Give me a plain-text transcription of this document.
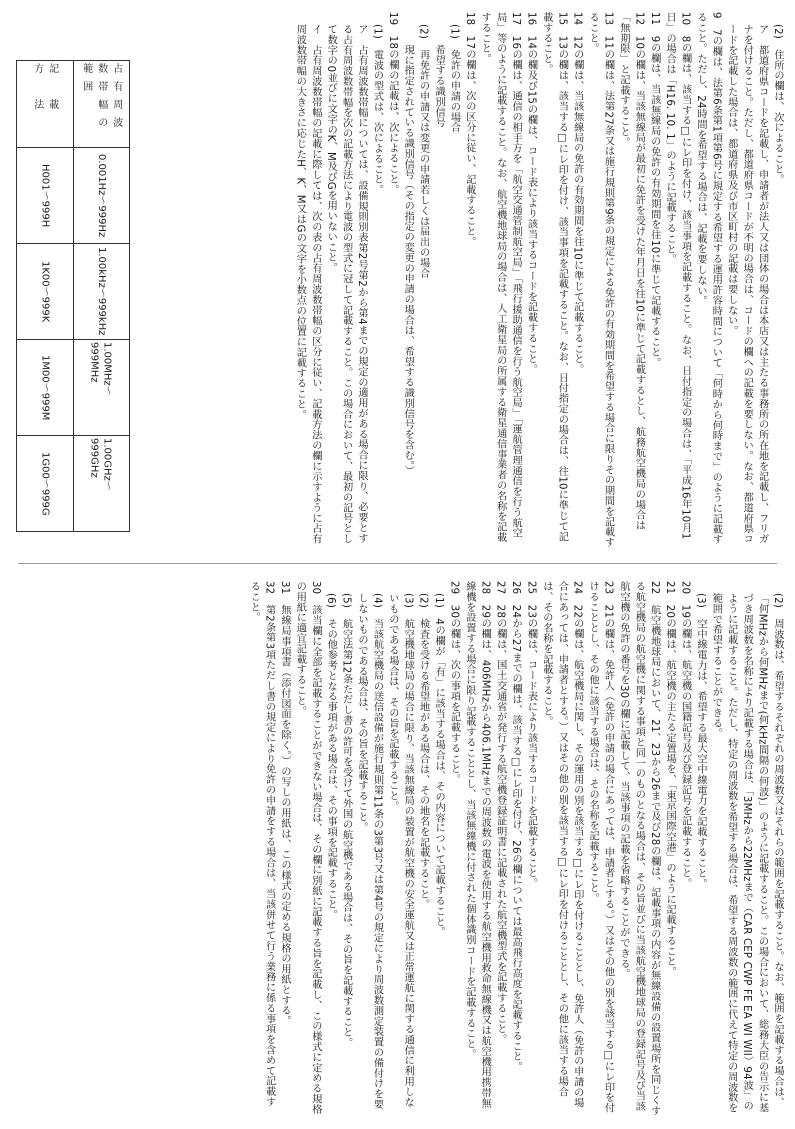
(2)　住所の欄は、次によること。

ア　都道府県コードを記載し、申請者が法人又は団体の場合は本店又は主たる事務所の所在地を記載し、フリガナを付けること。ただし、都道府県コードが不明の場合は、コードの欄への記載を要しない。なお、都道府県コードを記載した場合は、都道府県及び市区町村の記載は要しない。

9　7の欄は、法第6条第1項第6号に規定する希望する運用許容時間について「何時から何時まで」のように記載すること。ただし、24時間を希望する場合は、記載を要しない。

10　8の欄は、該当する□にレ印を付け、該当事項を記載すること。なお、日付指定の場合は、「平成16年10月1日」の場合は「H16. 10. 1」のように記載すること。

11　9の欄は、当該無線局の免許の有効期間を往10に準じて記載すること。

12　10の欄は、当該無線局が最初に免許を受けた年月日を往10に準じて記載するとし、航務航空機局の場合は「無期限」と記載すること。

13　11の欄は、法第27条又は施行規則第9条の規定による免許の有効期間を希望する場合に限りその期間を記載すること。

14　12の欄は、当該無線局の免許の有効期間を往10に準じて記載すること。

15　13の欄は、該当する□にレ印を付け、該当事項を記載すること。なお、日付指定の場合は、往10に準じて記載すること。

16　14の欄及び15の欄は、コード表により該当するコードを記載すること。

17　16の欄は、通信の相手方を「航空交通管制航空局」「飛行援助通信を行う航空局」「運航管理通信を行う航空局」等のように記載すること。なお、航空機地球局の場合は、人工衛星局の所属する衛星通信事業者の名称を記載すること。

18　17の欄は、次の区分に従い、記載すること。

(1)　免許の申請の場合

　希望する識別信号

(2)　再免許の申請又は変更の申請若しくは届出の場合

　現に指定されている識別信号（その指定の変更の申請の場合は、希望する識別信号を含む。）

19　18の欄の記載は、次によること。

(1)　電波の型式は、次によること。

ア　占有周波数帯幅については、設備規則別表第2号第2から第4までの規定の適用がある場合に限り、必要とする占有周波数帯幅を次の記載方法により電波の型式に冠して記載すること。この場合において、最初の記号として数字の0並びに文字のK、M及びGを用いないこと。

イ　占有周波数帯幅の記載に際しては、次の表の占有周波数帯幅の区分に従い、記載方法の欄に示すように占有周波数帯幅の大きさに応じたH、K、M又はGの文字を小数点の位置に記載すること。

占有周波数帯幅の範囲
0.001Hz～999Hz
1.00kHz～999kHz
1.00MHz～999MHz
1.00GHz～999GHz
記　載　方　法
H001～999H
1K00～999K
1M00～999M
1G00～999G

(2)　周波数は、希望するそれぞれの周波数又はそれらの範囲を記載すること。なお、範囲を記載する場合は、「何MHzから何MHzまで(何kHz間隔の何波)」のように記載すること。この場合において、総務大臣の告示に基づき周波数を名称により記載する場合は、「3MHzから22MHzまで（CAR CEP CWP FE EA WI WII）94波」のように記載すること。ただし、特定の周波数を希望する場合は、希望する周波数の範囲に代えて特定の周波数を範囲で希望することができる。

(3)　空中線電力は、希望する最大空中線電力を記載すること。

20　19の欄は、航空機の国籍記号及び登録記号を記載すること。

21　20の欄は、航空機の主たる定置場を、「東京国際空港」のように記載すること。

22　航空機地球局において、21、23から26まで及び28の欄は、記載事項の内容が無線設備の設置場所を同じくする航空機局の航空機に関する事項と同一のものとなる場合は、その旨並びに当該航空機地球局の登録記号及び当該航空機の免許の番号を30の欄に記載して、当該事項の記載を省略することができる。

23　21の欄は、免許人（免許の申請の場合にあっては、申請者とする。）又はその他の別を該当する□にレ印を付けることとし、その他に該当する場合は、その名称を記載すること。

24　22の欄は、航空機局に関し、その運用の別を該当する□にレ印を付けることとし、免許人（免許の申請の場合にあっては、申請者とする。）又はその他の別を該当する□にレ印を付けることとし、その他に該当する場合は、その名称を記載すること。

25　23の欄は、コード表により該当するコードを記載すること。

26　24から27までの欄は、該当する□にレ印を付け、26の欄については最高飛行高度を記載すること。

27　28の欄は、国土交通省が発行する航空機登録証明書に記載された航空機型式を記載すること。

28　29の欄は、406MHzから406.1MHzまでの周波数の電波を使用する航空機用救命無線機又は航空機用携帯無線機を設置する場合に限り記載することとし、当該無線機に付された個体識別コードを記載すること。

29　30の欄は、次の事項を記載すること。

(1)　4の欄が「有」に該当する場合は、その内容について記載すること。

(2)　検査を受ける希望地がある場合は、その地名を記載すること。

(3)　航空機地球局の場合に限り、当該無線局の装置が航空機の安全運航又は正常運航に関する通信に利用しないものである場合は、その旨を記載すること。

(4)　当該航空機局の送信設備が施行規則第11条の3第3号又は第4号の規定により周波数測定装置の備付けを要しないものである場合は、その旨を記載すること。

(5)　航空法第12条ただし書の許可を受けて外国の航空機である場合は、その旨を記載すること。

(6)　その他参考となる事項がある場合は、その事項を記載すること。

30　該当欄に全部を記載することができない場合は、その欄に別紙に記載する旨を記載し、この様式に定める規格の用紙に適宜記載すること。

31　無線局事項書（添付図面を除く。）の写しの用紙は、この様式の定める規格の用紙とする。

32　第2条第3項ただし書の規定により免許の申請をする場合は、当該併せて行う業務に係る事項を含めて記載すること。
